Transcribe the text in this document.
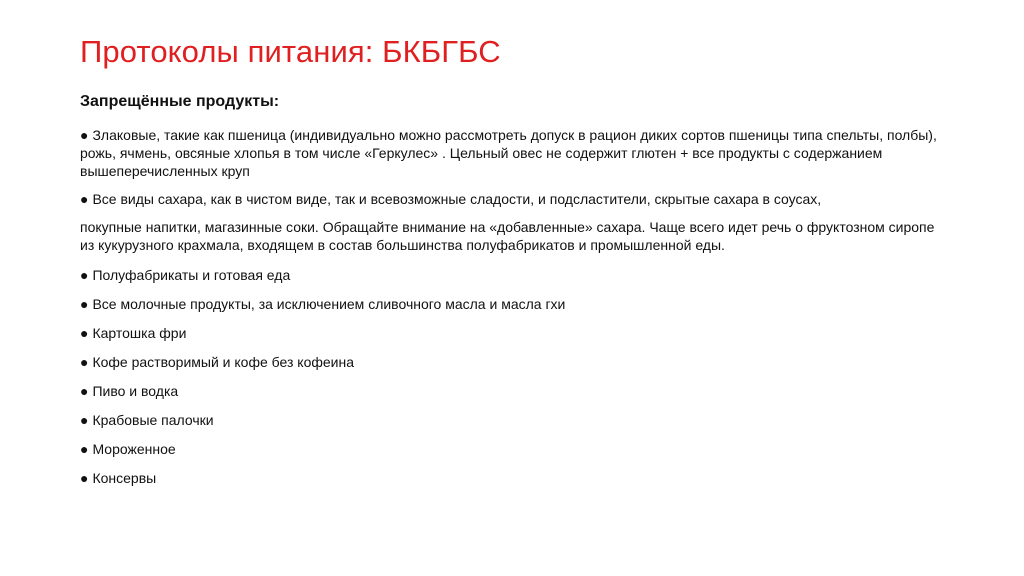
Протоколы питания: БКБГБС

Запрещённые продукты:

● Злаковые, такие как пшеница (индивидуально можно рассмотреть допуск в рацион диких сортов пшеницы типа спельты, полбы), рожь, ячмень, овсяные хлопья в том числе «Геркулес» . Цельный овес не содержит глютен + все продукты с содержанием вышеперечисленных круп

● Все виды сахара, как в чистом виде, так и всевозможные сладости, и подсластители, скрытые сахара в соусах,

покупные напитки, магазинные соки. Обращайте внимание на «добавленные» сахара. Чаще всего идет речь о фруктозном сиропе из кукурузного крахмала, входящем в состав большинства полуфабрикатов и промышленной еды.

● Полуфабрикаты и готовая еда
● Все молочные продукты, за исключением сливочного масла и масла гхи
● Картошка фри
● Кофе растворимый и кофе без кофеина
● Пиво и водка
● Крабовые палочки
● Мороженное
● Консервы
